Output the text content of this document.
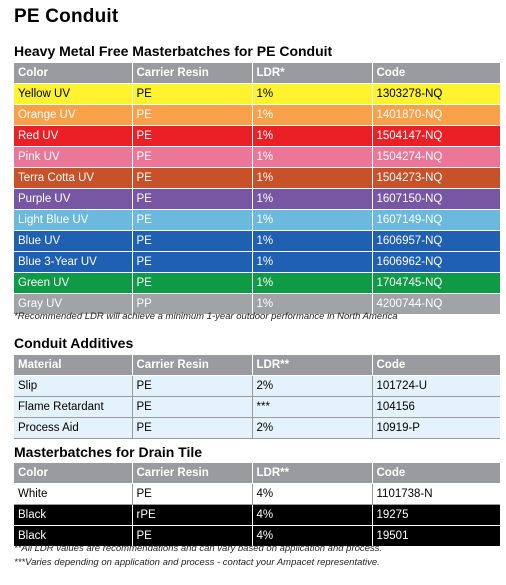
PE Conduit
Heavy Metal Free Masterbatches for PE Conduit
Color	Carrier Resin	LDR*	Code
Yellow UV	PE	1%	1303278-NQ
Orange UV	PE	1%	1401870-NQ
Red UV	PE	1%	1504147-NQ
Pink UV	PE	1%	1504274-NQ
Terra Cotta UV	PE	1%	1504273-NQ
Purple UV	PE	1%	1607150-NQ
Light Blue UV	PE	1%	1607149-NQ
Blue UV	PE	1%	1606957-NQ
Blue 3-Year UV	PE	1%	1606962-NQ
Green UV	PE	1%	1704745-NQ
Gray UV	PP	1%	4200744-NQ
*Recommended LDR will achieve a minimum 1-year outdoor performance in North America
Conduit Additives
Material	Carrier Resin	LDR**	Code
Slip	PE	2%	101724-U
Flame Retardant	PE	***	104156
Process Aid	PE	2%	10919-P
Masterbatches for Drain Tile
Color	Carrier Resin	LDR**	Code
White	PE	4%	1101738-N
Black	rPE	4%	19275
Black	PE	4%	19501
**All LDR values are recommendations and can vary based on application and process.
***Varies depending on application and process - contact your Ampacet representative.
